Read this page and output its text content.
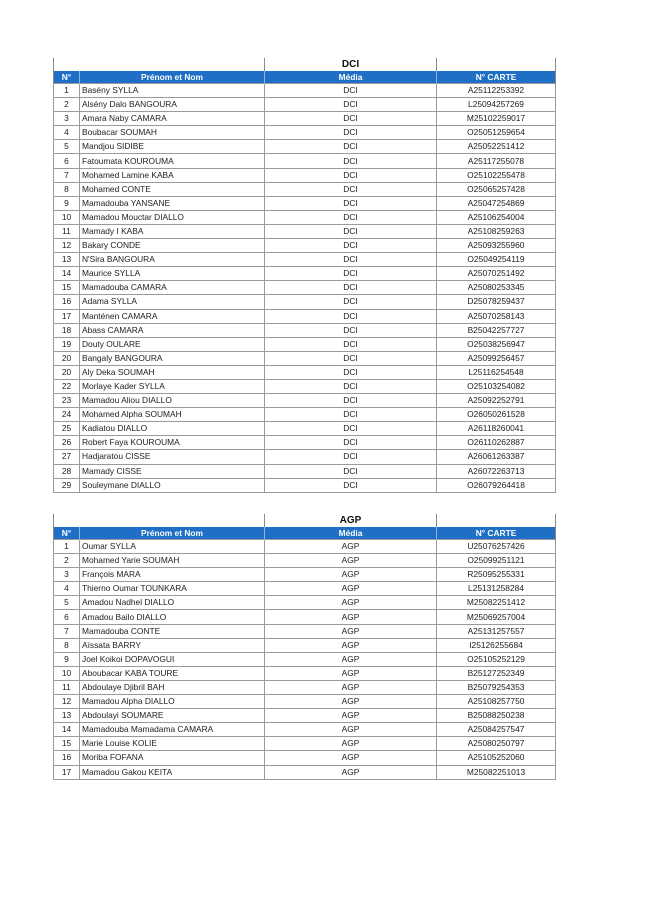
		DCI	
N°	Prénom et Nom	Média	N° CARTE
1	Basény SYLLA	DCI	A25112253392
2	Alsény Dalo BANGOURA	DCI	L25094257269
3	Amara Naby CAMARA	DCI	M25102259017
4	Boubacar SOUMAH	DCI	O25051259654
5	Mandjou SIDIBE	DCI	A25052251412
6	Fatoumata KOUROUMA	DCI	A25117255078
7	Mohamed Lamine KABA	DCI	O25102255478
8	Mohamed CONTE	DCI	O25065257428
9	Mamadouba YANSANE	DCI	A25047254869
10	Mamadou Mouctar DIALLO	DCI	A25106254004
11	Mamady I KABA	DCI	A25108259263
12	Bakary CONDE	DCI	A25093255960
13	N'Sira BANGOURA	DCI	O25049254119
14	Maurice SYLLA	DCI	A25070251492
15	Mamadouba CAMARA	DCI	A25080253345
16	Adama SYLLA	DCI	D25078259437
17	Manténen CAMARA	DCI	A25070258143
18	Abass CAMARA	DCI	B25042257727
19	Douty OULARE	DCI	O25038256947
20	Bangaly BANGOURA	DCI	A25099256457
20	Aly Deka SOUMAH	DCI	L25116254548
22	Morlaye Kader SYLLA	DCI	O25103254082
23	Mamadou Aliou DIALLO	DCI	A25092252791
24	Mohamed Alpha SOUMAH	DCI	O26050261528
25	Kadiatou DIALLO	DCI	A26118260041
26	Robert Faya KOUROUMA	DCI	O26110262887
27	Hadjaratou CISSE	DCI	A26061263387
28	Mamady CISSE	DCI	A26072263713
29	Souleymane DIALLO	DCI	O26079264418
		AGP	
N°	Prénom et Nom	Média	N° CARTE
1	Oumar SYLLA	AGP	U25076257426
2	Mohamed Yarie SOUMAH	AGP	O25099251121
3	François MARA	AGP	R25095255331
4	Thierno Oumar TOUNKARA	AGP	L25131258284
5	Amadou Nadhel DIALLO	AGP	M25082251412
6	Amadou Bailo DIALLO	AGP	M25069257004
7	Mamadouba CONTE	AGP	A25131257557
8	Aïssata BARRY	AGP	I25126255684
9	Joel Koikoi DOPAVOGUI	AGP	O25105252129
10	Aboubacar KABA TOURE	AGP	B25127252349
11	Abdoulaye Djibril BAH	AGP	B25079254353
12	Mamadou Alpha DIALLO	AGP	A25108257750
13	Abdoulayi SOUMARE	AGP	B25088250238
14	Mamadouba Mamadama CAMARA	AGP	A25084257547
15	Marie Louise KOLIE	AGP	A25080250797
16	Moriba FOFANA	AGP	A25105252060
17	Mamadou Gakou KEITA	AGP	M25082251013
